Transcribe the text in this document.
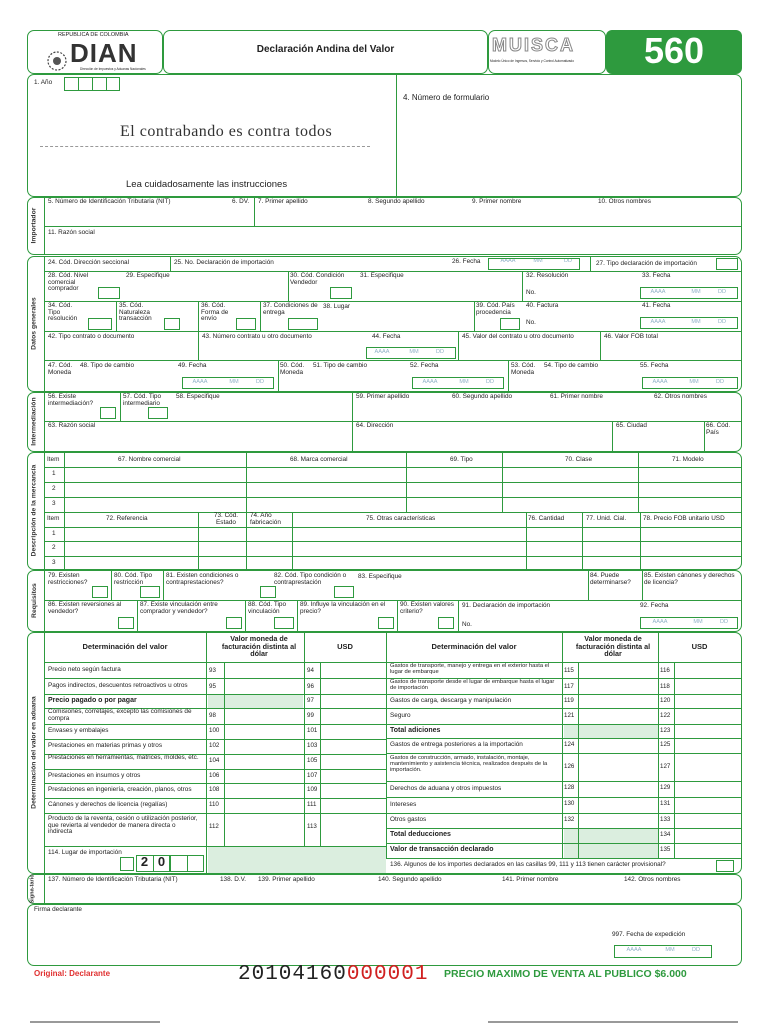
REPUBLICA DE COLOMBIA
DIAN
Dirección de Impuestos y Aduanas Nacionales
Declaración Andina del Valor	MUISCA
Modelo Único de Ingresos, Servicio y Control Automatizado	560
1. Año
El contrabando es contra todos
Lea cuidadosamente las instrucciones
4. Número de formulario
Importador
5. Número de Identificación Tributaria (NIT)	6. DV. 7. Primer apellido	8. Segundo apellido	9. Primer nombre	10. Otros nombres
11. Razón social
Datos generales
24. Cód. Dirección seccional	25. No. Declaración de importación	26. Fecha	AAAA	MM	DD	27. Tipo declaración de importación
28. Cód. Nivel comercial comprador
29. Especifique	30. Cód. Condición Vendedor
31. Especifique	32. Resolución
No.
33. Fecha
AAAA	MM	DD
34. Cód. Tipo resolución
35. Cód. Naturaleza transacción
36. Cód. Forma de envío
37. Condiciones de entrega
38. Lugar	39. Cód. País procedencia
40. Factura
No.
41. Fecha
AAAA	MM	DD
42. Tipo contrato o documento	43. Número contrato u otro documento	44. Fecha
AAAA	MM	DD
45. Valor del contrato u otro documento	46. Valor FOB total
47. Cód. Moneda
48. Tipo de cambio	49. Fecha
AAAA	MM	DD
50. Cód. Moneda
51. Tipo de cambio	52. Fecha
AAAA	MM	DD
53. Cód. Moneda
54. Tipo de cambio	55. Fecha
AAAA	MM	DD
Intermediación
56. Existe intermediación?
57. Cód. Tipo intermediario
58. Especifique	59. Primer apellido	60. Segundo apellido	61. Primer nombre	62. Otros nombres
63. Razón social	64. Dirección	65. Ciudad	66. Cód. País
Descripción de la mercancía
Item	67. Nombre comercial	68. Marca comercial	69. Tipo	70. Clase	71. Modelo
1
2
3
Item	72. Referencia	73. Cód. Estado
74. Año fabricación
75. Otras características	76. Cantidad	77. Unid. Cial.	78. Precio FOB unitario USD
1
2
3
Requisitos
79. Existen restricciones?
80. Cód. Tipo restricción
81. Existen condiciones o contraprestaciones?
82. Cód. Tipo condición o contraprestación
83. Especifique	84. Puede determinarse?
85. Existen cánones y derechos de licencia?
86. Existen reversiones al vendedor?
87. Existe vinculación entre comprador y vendedor?
88. Cód. Tipo vinculación
89. Influye la vinculación en el precio?
90. Existen valores criterio?
91. Declaración de importación
No.
92. Fecha
AAAA	MM	DD
Determinación del valor en aduana
Determinación del valor
Valor moneda de facturación distinta al dólar
USD
Precio neto según factura	93	94
Pagos indirectos, descuentos retroactivos u otros	95	96
Precio pagado o por pagar	97
Comisiones, corretajes, excepto las comisiones de compra	98	99
Envases y embalajes	100	101
Prestaciones en materias primas y otros	102	103
Prestaciones en herramientas, matrices, moldes, etc.	104	105
Prestaciones en insumos y otros	106	107
Prestaciones en ingeniería, creación, planos, otros	108	109
Cánones y derechos de licencia (regalías)	110	111
Producto de la reventa, cesión o utilización posterior, que revierta al vendedor de manera directa o indirecta
112	113
114. Lugar de importación
2 0
Determinación del valor
Valor moneda de facturación distinta al dólar
USD
Gastos de transporte, manejo y entrega en el exterior hasta el lugar de embarque	115	116
Gastos de transporte desde el lugar de embarque hasta el lugar de importación	117	118
Gastos de carga, descarga y manipulación	119	120
Seguro	121	122
Total adiciones	123
Gastos de entrega posteriores a la importación	124	125
Gastos de construcción, armado, instalación, montaje, mantenimiento y asistencia técnica, realizados después de la importación.
126	127
Derechos de aduana y otros impuestos	128	129
Intereses	130	131
Otros gastos	132	133
Total deducciones	134
Valor de transacción declarado	135
136. Algunos de los importes declarados en las casillas 99, 111 y 113 tienen carácter provisional?
Signa-tario 137. Número de Identificación Tributaria (NIT)	138. D.V. 139. Primer apellido	140. Segundo apellido	141. Primer nombre	142. Otros nombres
Firma declarante
997. Fecha de expedición
AAAA	MM	DD
Original: Declarante	20104160000001 PRECIO MAXIMO DE VENTA AL PUBLICO $6.000
